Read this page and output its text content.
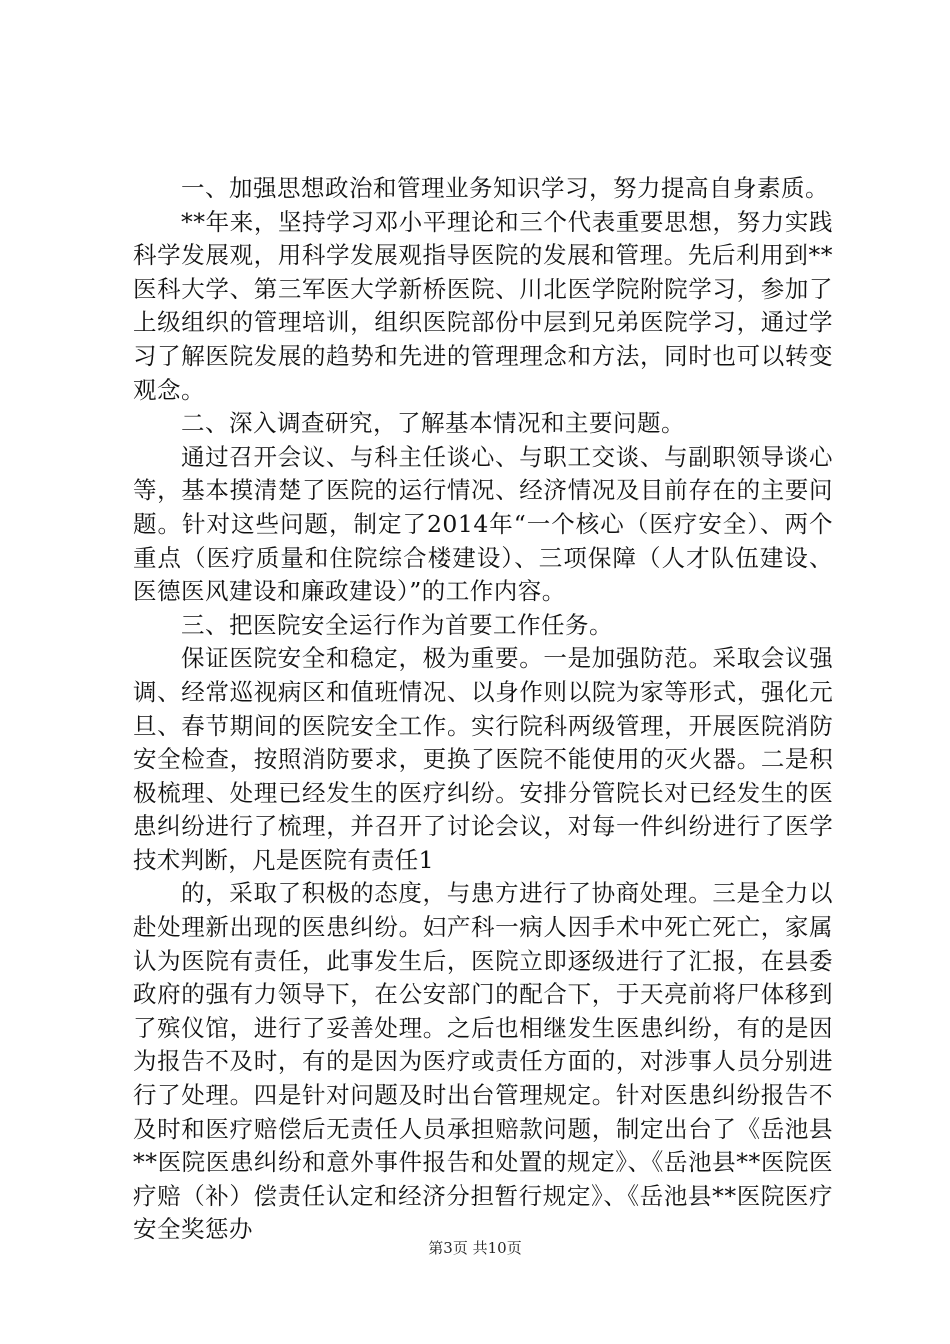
一、加强思想政治和管理业务知识学习，努力提高自身素质。

**年来，坚持学习邓小平理论和三个代表重要思想，努力实践科学发展观，用科学发展观指导医院的发展和管理。先后利用到**医科大学、第三军医大学新桥医院、川北医学院附院学习，参加了上级组织的管理培训，组织医院部份中层到兄弟医院学习，通过学习了解医院发展的趋势和先进的管理理念和方法，同时也可以转变观念。

二、深入调查研究，了解基本情况和主要问题。

通过召开会议、与科主任谈心、与职工交谈、与副职领导谈心等，基本摸清楚了医院的运行情况、经济情况及目前存在的主要问题。针对这些问题，制定了2014年“一个核心（医疗安全）、两个重点（医疗质量和住院综合楼建设）、三项保障（人才队伍建设、医德医风建设和廉政建设）”的工作内容。

三、把医院安全运行作为首要工作任务。

保证医院安全和稳定，极为重要。一是加强防范。采取会议强调、经常巡视病区和值班情况、以身作则以院为家等形式，强化元旦、春节期间的医院安全工作。实行院科两级管理，开展医院消防安全检查，按照消防要求，更换了医院不能使用的灭火器。二是积极梳理、处理已经发生的医疗纠纷。安排分管院长对已经发生的医患纠纷进行了梳理，并召开了讨论会议，对每一件纠纷进行了医学技术判断，凡是医院有责任1

的，采取了积极的态度，与患方进行了协商处理。三是全力以赴处理新出现的医患纠纷。妇产科一病人因手术中死亡死亡，家属认为医院有责任，此事发生后，医院立即逐级进行了汇报，在县委政府的强有力领导下，在公安部门的配合下，于天亮前将尸体移到了殡仪馆，进行了妥善处理。之后也相继发生医患纠纷，有的是因为报告不及时，有的是因为医疗或责任方面的，对涉事人员分别进行了处理。四是针对问题及时出台管理规定。针对医患纠纷报告不及时和医疗赔偿后无责任人员承担赔款问题，制定出台了《岳池县**医院医患纠纷和意外事件报告和处置的规定》、《岳池县**医院医疗赔（补）偿责任认定和经济分担暂行规定》、《岳池县**医院医疗安全奖惩办

第3页 共10页
